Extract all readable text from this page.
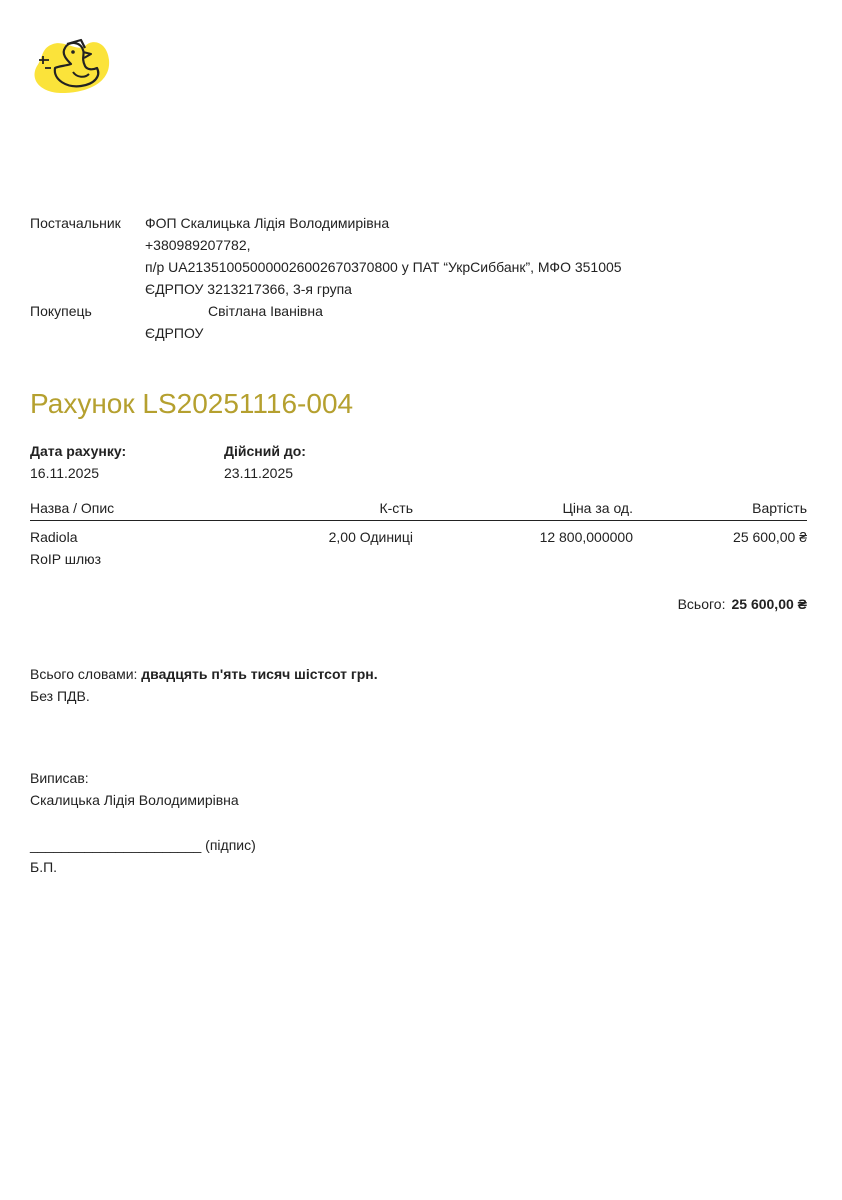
Постачальник	ФОП Скалицька Лідія Володимирівна
+380989207782,
п/р UA213510050000026002670370800 у ПАТ “УкрСиббанк”, МФО 351005
ЄДРПОУ 3213217366, 3-я група
Покупець	Світлана Іванівна
ЄДРПОУ
Рахунок LS20251116-004
Дата рахунку:
16.11.2025
Дійсний до:
23.11.2025
Назва / Опис	К-сть	Ціна за од.	Вартість
Radiola	2,00 Одиниці	12 800,000000	25 600,00 ₴
RoIP шлюз
Всього: 25 600,00 ₴
Всього словами: двадцять п'ять тисяч шістсот грн.
Без ПДВ.
Виписав:
Скалицька Лідія Володимирівна
______________________ (підпис)
Б.П.
